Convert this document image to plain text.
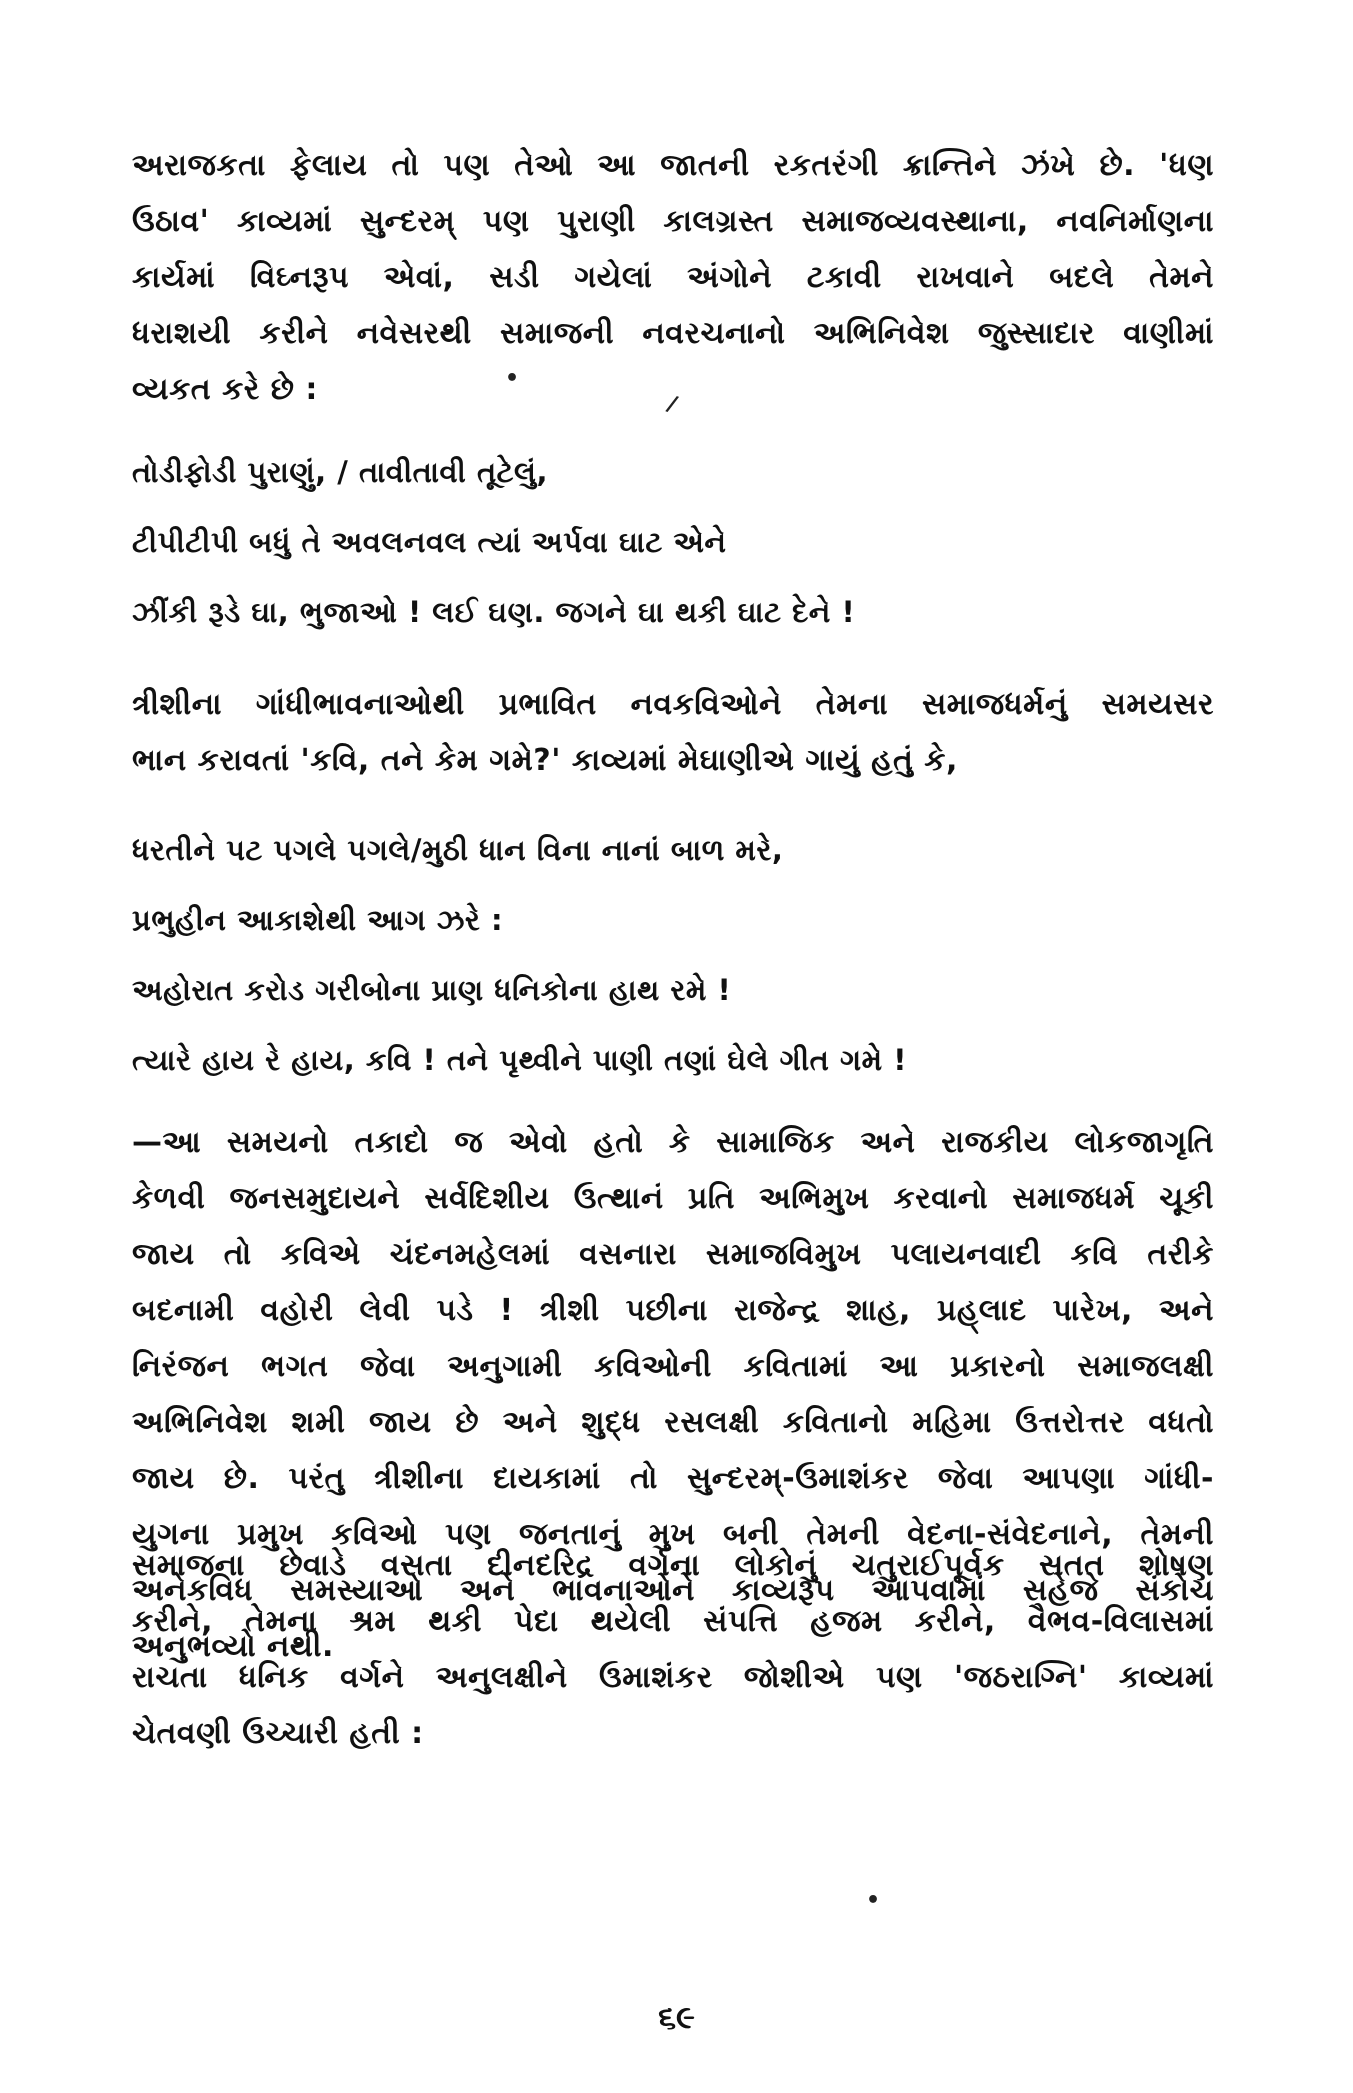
અરાજકતા ફેલાય તો પણ તેઓ આ જાતની રકતરંગી ક્રાન્તિને ઝંખે છે. 'ધણ
ઉઠાવ' કાવ્યમાં સુન્દરમ્ પણ પુરાણી કાલગ્રસ્ત સમાજવ્યવસ્થાના, નવનિર્માણના
કાર્યમાં વિઘ્નરૂપ એવાં, સડી ગયેલાં અંગોને ટકાવી રાખવાને બદલે તેમને
ધરાશયી કરીને નવેસરથી સમાજની નવરચનાનો અભિનિવેશ જુસ્સાદાર વાણીમાં
વ્યકત કરે છે :	•
/
તોડીફોડી પુરાણું, / તાવીતાવી તૂટેલું,
ટીપીટીપી બધું તે અવલનવલ ત્યાં અર્પવા ઘાટ એને
ઝીંકી રૂડે ઘા, ભુજાઓ ! લઈ ઘણ. જગને ઘા થકી ઘાટ દેને !
ત્રીશીના ગાંધીભાવનાઓથી પ્રભાવિત નવકવિઓને તેમના સમાજધર્મનું સમયસર
ભાન કરાવતાં 'કવિ, તને કેમ ગમે?' કાવ્યમાં મેઘાણીએ ગાયું હતું કે,
ધરતીને પટ પગલે પગલે/મુઠી ધાન વિના નાનાં બાળ મરે,
પ્રભુહીન આકાશેથી આગ ઝરે :
અહોરાત કરોડ ગરીબોના પ્રાણ ધનિકોના હાથ રમે !
ત્યારે હાય રે હાય, કવિ ! તને પૃથ્વીને પાણી તણાં ઘેલે ગીત ગમે !
—આ સમયનો તકાદો જ એવો હતો કે સામાજિક અને રાજકીય લોકજાગૃતિ
કેળવી જનસમુદાયને સર્વદિશીય ઉત્થાનં પ્રતિ અભિમુખ કરવાનો સમાજધર્મ ચૂકી
જાય તો કવિએ ચંદનમહેલમાં વસનારા સમાજવિમુખ પલાયનવાદી કવિ તરીકે
બદનામી વહોરી લેવી પડે ! ત્રીશી પછીના રાજેન્દ્ર શાહ, પ્રહ્‌લાદ પારેખ, અને
નિરંજન ભગત જેવા અનુગામી કવિઓની કવિતામાં આ પ્રકારનો સમાજલક્ષી
અભિનિવેશ શમી જાય છે અને શુદ્ધ રસલક્ષી કવિતાનો મહિમા ઉત્તરોત્તર વધતો
જાય છે. પરંતુ ત્રીશીના દાયકામાં તો સુન્દરમ્-ઉમાશંકર જેવા આપણા ગાંધી-
યુગના પ્રમુખ કવિઓ પણ જનતાનું મુખ બની તેમની વેદના-સંવેદનાને, તેમની
અનેકવિધ સમસ્યાઓ અને ભાવનાઓને કાવ્યરૂપ આપવામાં સહેજે સંકોચ
અનુભવ્યો નથી.
•
સમાજના છેવાડે વસતા દીનદરિદ્ર વર્ગના લોકોનું ચતુરાઈપૂર્વક સતત શોષણ
કરીને, તેમના શ્રમ થકી પેદા થયેલી સંપત્તિ હજમ કરીને, વૈભવ-વિલાસમાં
રાચતા ધનિક વર્ગને અનુલક્ષીને ઉમાશંકર જોશીએ પણ 'જઠરાગ્નિ' કાવ્યમાં
ચેતવણી ઉચ્ચારી હતી :
૬૯
